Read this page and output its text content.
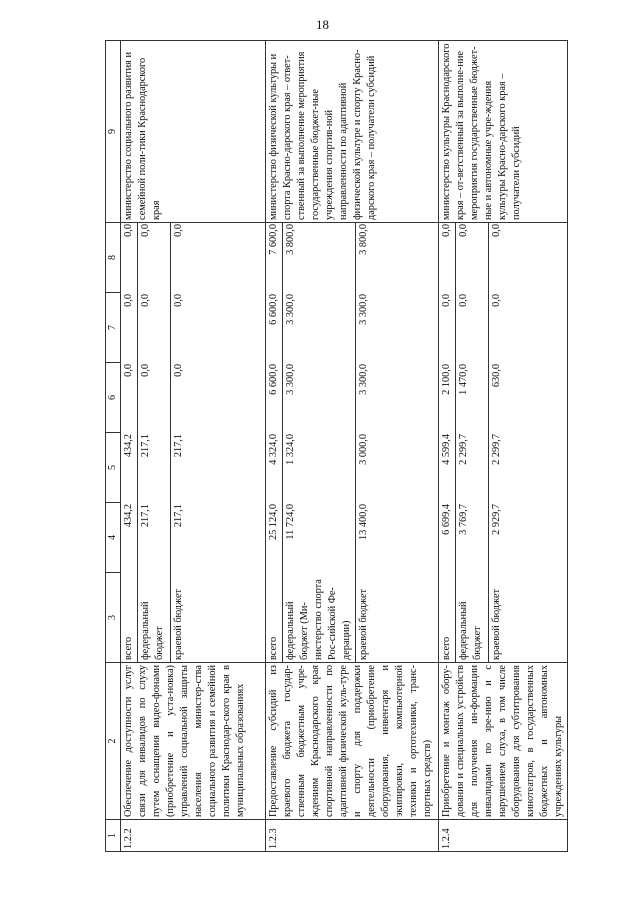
18
1	2	3	4	5	6	7	8	9
1.2.2	Обеспечение доступности услуг связи для инвалидов по слуху путем оснащения видео-фонами (приобретение и уста-новка) управлений социальной защиты населения министер-ства социального развития и семейной политики Краснодар-ского края в муниципальных образованиях	
всего	434,2	434,2	0,0	0,0	0,0
федеральный бюджет	217,1	217,1	0,0	0,0	0,0
краевой бюджет	217,1	217,1	0,0	0,0	0,0
	министерство социального развития и семейной поли-тики Краснодарского края
1.2.3	Предоставление субсидий из краевого бюджета государ-ственным бюджетным учре-ждениям Краснодарского края спортивной направленности по адаптивной физической куль-туре и спорту для поддержки деятельности (приобретение оборудования, инвентаря и экипировки, компьютерной техники и ортотехники, транс-портных средств)	
всего	25 124,0	4 324,0	6 600,0	6 600,0	7 600,0
федеральный бюджет (Ми-нистерство спорта Рос-сийской Фе-дерации)	11 724,0	1 324,0	3 300,0	3 300,0	3 800,0
краевой бюджет	13 400,0	3 000,0	3 300,0	3 300,0	3 800,0
	министерство физической культуры и спорта Красно-дарского края – ответ-ственный за выполнение мероприятия государственные бюджет-ные учреждения спортив-ной направленности по адаптивной физической культуре и спорту Красно-дарского края – получатели субсидий
1.2.4	Приобретение и монтаж обору-дования и специальных устройств для получения ин-формации инвалидами по зре-нию и с нарушением слуха, в том числе оборудования для субтитрования кинотеатров, в государственных бюджетных и автономных учреждениях культуры	
всего	6 699,4	4 599,4	2 100,0	0,0	0,0
федеральный бюджет	3 769,7	2 299,7	1 470,0	0,0	0,0
краевой бюджет	2 929,7	2 299,7	630,0	0,0	0,0
	министерство культуры Краснодарского края – от-ветственный за выполне-ние мероприятия государственные бюджет-ные и автономные учре-ждения культуры Красно-дарского края – получатели субсидий
